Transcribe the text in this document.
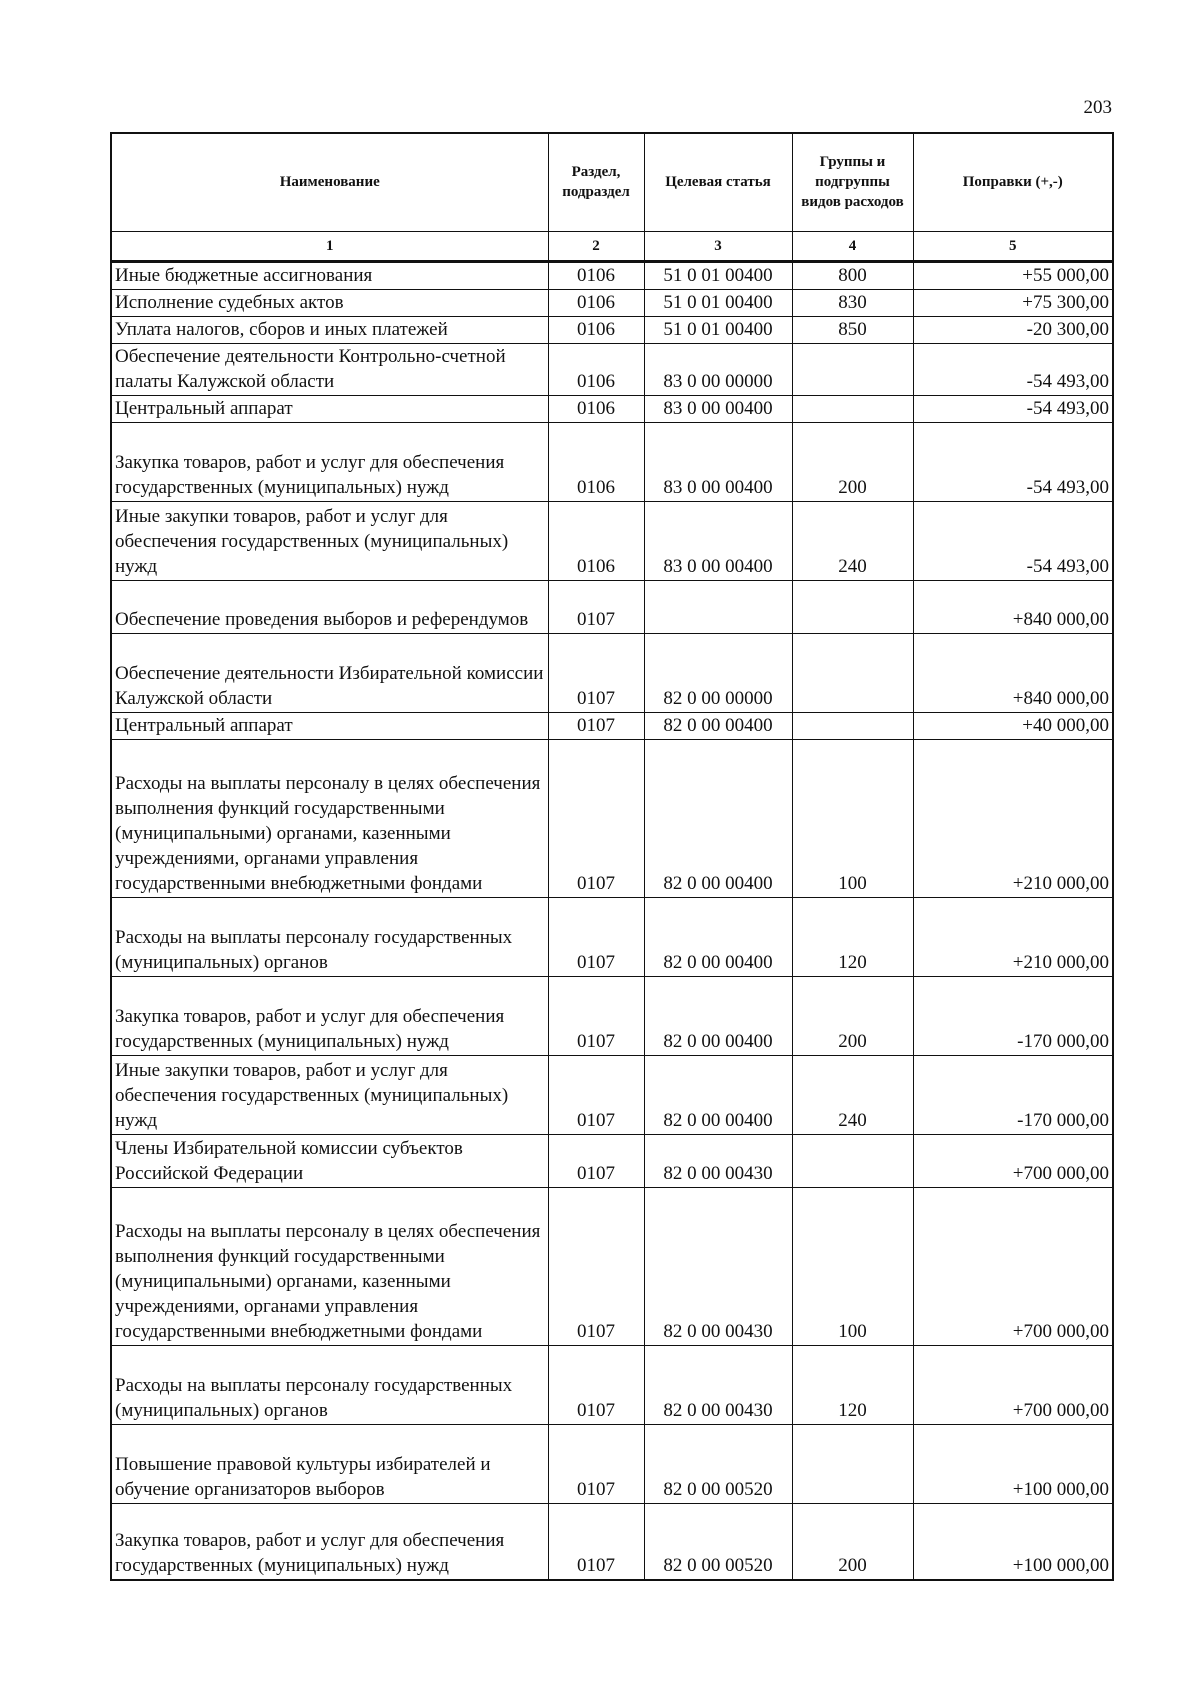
203
Наименование	Раздел, подраздел	Целевая статья	Группы и подгруппы видов расходов	Поправки (+,-)
1	2	3	4	5
Иные бюджетные ассигнования	0106	51 0 01 00400	800	+55 000,00
Исполнение судебных актов	0106	51 0 01 00400	830	+75 300,00
Уплата налогов, сборов и иных платежей	0106	51 0 01 00400	850	-20 300,00
Обеспечение деятельности Контрольно-счетной палаты Калужской области	0106	83 0 00 00000		-54 493,00
Центральный аппарат	0106	83 0 00 00400		-54 493,00
Закупка товаров, работ и услуг для обеспечения государственных (муниципальных) нужд	0106	83 0 00 00400	200	-54 493,00
Иные закупки товаров, работ и услуг для обеспечения государственных (муниципальных) нужд	0106	83 0 00 00400	240	-54 493,00
Обеспечение проведения выборов и референдумов	0107			+840 000,00
Обеспечение деятельности Избирательной комиссии Калужской области	0107	82 0 00 00000		+840 000,00
Центральный аппарат	0107	82 0 00 00400		+40 000,00
Расходы на выплаты персоналу в целях обеспечения выполнения функций государственными (муниципальными) органами, казенными учреждениями, органами управления государственными внебюджетными фондами	0107	82 0 00 00400	100	+210 000,00
Расходы на выплаты персоналу государственных (муниципальных) органов	0107	82 0 00 00400	120	+210 000,00
Закупка товаров, работ и услуг для обеспечения государственных (муниципальных) нужд	0107	82 0 00 00400	200	-170 000,00
Иные закупки товаров, работ и услуг для обеспечения государственных (муниципальных) нужд	0107	82 0 00 00400	240	-170 000,00
Члены Избирательной комиссии субъектов Российской Федерации	0107	82 0 00 00430		+700 000,00
Расходы на выплаты персоналу в целях обеспечения выполнения функций государственными (муниципальными) органами, казенными учреждениями, органами управления государственными внебюджетными фондами	0107	82 0 00 00430	100	+700 000,00
Расходы на выплаты персоналу государственных (муниципальных) органов	0107	82 0 00 00430	120	+700 000,00
Повышение правовой культуры избирателей и обучение организаторов выборов	0107	82 0 00 00520		+100 000,00
Закупка товаров, работ и услуг для обеспечения государственных (муниципальных) нужд	0107	82 0 00 00520	200	+100 000,00
